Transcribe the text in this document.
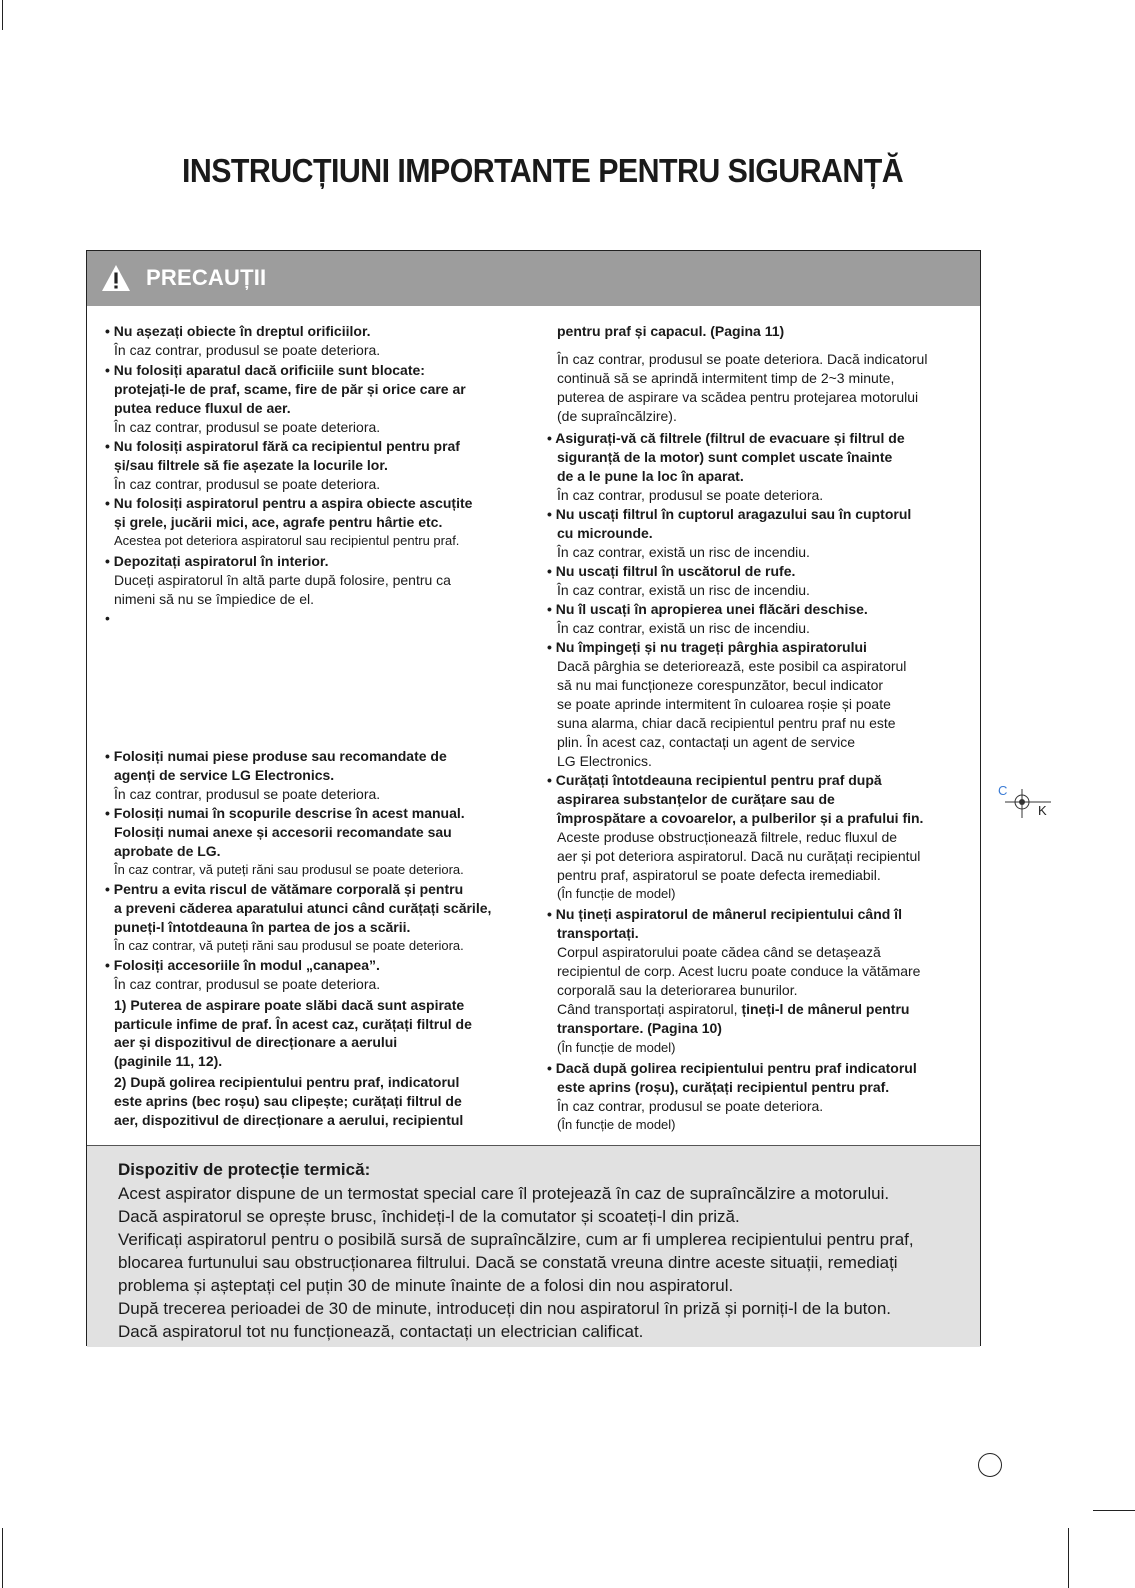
INSTRUCȚIUNI IMPORTANTE PENTRU SIGURANȚĂ
PRECAUȚII
• Nu așezați obiecte în dreptul orificiilor.
În caz contrar, produsul se poate deteriora.
• Nu folosiți aparatul dacă orificiile sunt blocate:
protejați-le de praf, scame, fire de păr și orice care ar
putea reduce fluxul de aer.
În caz contrar, produsul se poate deteriora.
• Nu folosiți aspiratorul fără ca recipientul pentru praf
și/sau filtrele să fie așezate la locurile lor.
În caz contrar, produsul se poate deteriora.
• Nu folosiți aspiratorul pentru a aspira obiecte ascuțite
și grele, jucării mici, ace, agrafe pentru hârtie etc.
Acestea pot deteriora aspiratorul sau recipientul pentru praf.
• Depozitați aspiratorul în interior.
Duceți aspiratorul în altă parte după folosire, pentru ca
nimeni să nu se împiedice de el.
•
• Folosiți numai piese produse sau recomandate de
agenți de service LG Electronics.
În caz contrar, produsul se poate deteriora.
• Folosiți numai în scopurile descrise în acest manual.
Folosiți numai anexe și accesorii recomandate sau
aprobate de LG.
În caz contrar, vă puteți răni sau produsul se poate deteriora.
• Pentru a evita riscul de vătămare corporală și pentru
a preveni căderea aparatului atunci când curățați scările,
puneți-l întotdeauna în partea de jos a scării.
În caz contrar, vă puteți răni sau produsul se poate deteriora.
• Folosiți accesoriile în modul „canapea”.
În caz contrar, produsul se poate deteriora.
1) Puterea de aspirare poate slăbi dacă sunt aspirate
particule infime de praf. În acest caz, curățați filtrul de
aer și dispozitivul de direcționare a aerului
(paginile 11, 12).
2) După golirea recipientului pentru praf, indicatorul
este aprins (bec roșu) sau clipește; curățați filtrul de
aer, dispozitivul de direcționare a aerului, recipientul
pentru praf și capacul. (Pagina 11)
În caz contrar, produsul se poate deteriora. Dacă indicatorul
continuă să se aprindă intermitent timp de 2~3 minute,
puterea de aspirare va scădea pentru protejarea motorului
(de supraîncălzire).
• Asigurați-vă că filtrele (filtrul de evacuare și filtrul de
siguranță de la motor) sunt complet uscate înainte
de a le pune la loc în aparat.
În caz contrar, produsul se poate deteriora.
• Nu uscați filtrul în cuptorul aragazului sau în cuptorul
cu microunde.
În caz contrar, există un risc de incendiu.
• Nu uscați filtrul în uscătorul de rufe.
În caz contrar, există un risc de incendiu.
• Nu îl uscați în apropierea unei flăcări deschise.
În caz contrar, există un risc de incendiu.
• Nu împingeți și nu trageți pârghia aspiratorului
Dacă pârghia se deteriorează, este posibil ca aspiratorul
să nu mai funcționeze corespunzător, becul indicator
se poate aprinde intermitent în culoarea roșie și poate
suna alarma, chiar dacă recipientul pentru praf nu este
plin. În acest caz, contactați un agent de service
LG Electronics.
• Curățați întotdeauna recipientul pentru praf după
aspirarea substanțelor de curățare sau de
împrospătare a covoarelor, a pulberilor și a prafului fin.
Aceste produse obstrucționează filtrele, reduc fluxul de
aer și pot deteriora aspiratorul. Dacă nu curățați recipientul
pentru praf, aspiratorul se poate defecta iremediabil.
(În funcție de model)
• Nu țineți aspiratorul de mânerul recipientului când îl
transportați.
Corpul aspiratorului poate cădea când se detașează
recipientul de corp. Acest lucru poate conduce la vătămare
corporală sau la deteriorarea bunurilor.
Când transportați aspiratorul, țineți-l de mânerul pentru
transportare. (Pagina 10)
(În funcție de model)
• Dacă după golirea recipientului pentru praf indicatorul
este aprins (roșu), curățați recipientul pentru praf.
În caz contrar, produsul se poate deteriora.
(În funcție de model)
Dispozitiv de protecție termică:
Acest aspirator dispune de un termostat special care îl protejează în caz de supraîncălzire a motorului.
Dacă aspiratorul se oprește brusc, închideți-l de la comutator și scoateți-l din priză.
Verificați aspiratorul pentru o posibilă sursă de supraîncălzire, cum ar fi umplerea recipientului pentru praf,
blocarea furtunului sau obstrucționarea filtrului. Dacă se constată vreuna dintre aceste situații, remediați
problema și așteptați cel puțin 30 de minute înainte de a folosi din nou aspiratorul.
După trecerea perioadei de 30 de minute, introduceți din nou aspiratorul în priză și porniți-l de la buton.
Dacă aspiratorul tot nu funcționează, contactați un electrician calificat.
C
K
